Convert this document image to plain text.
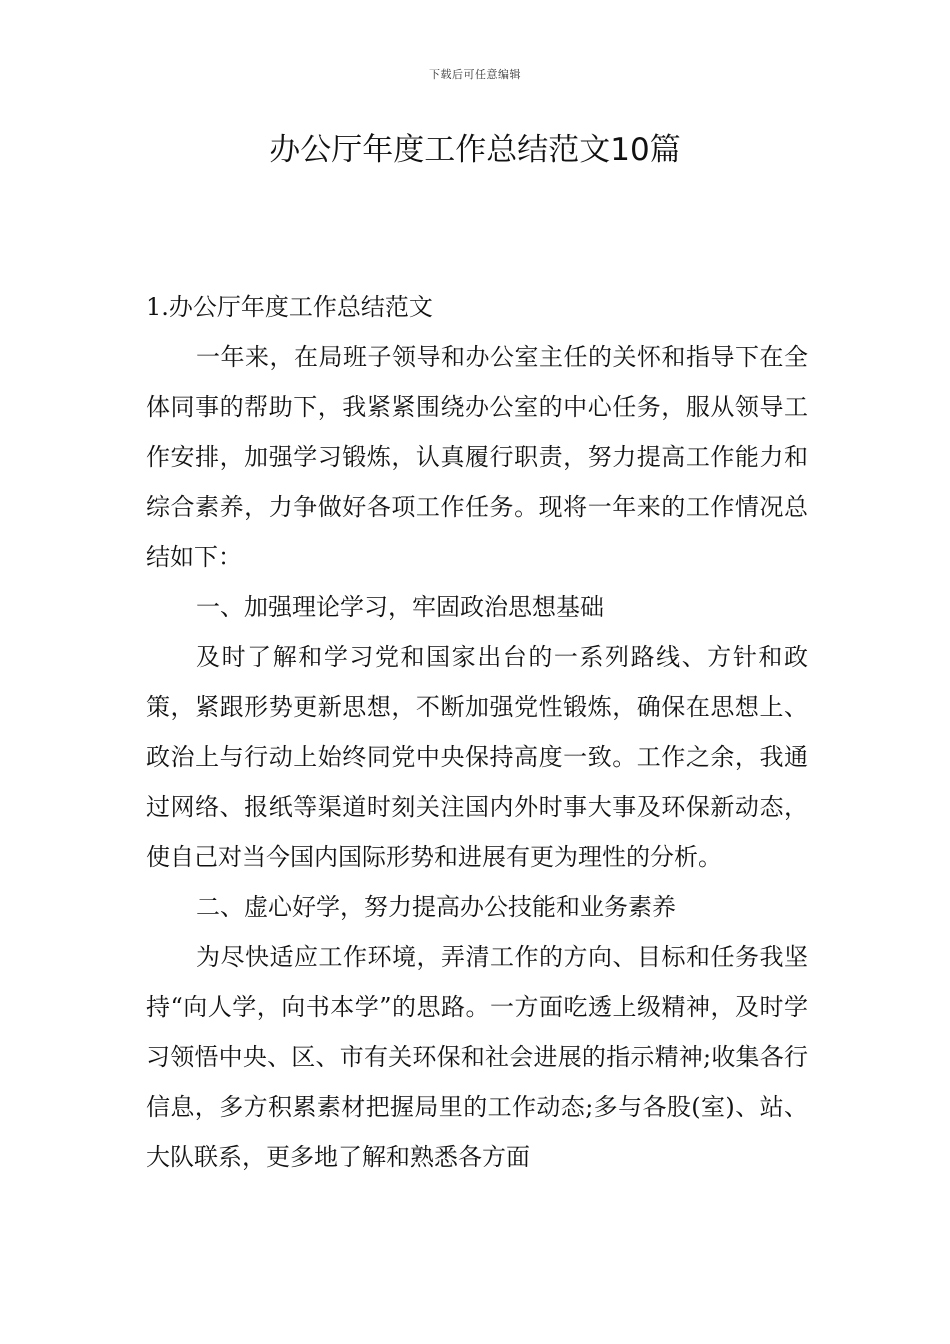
下载后可任意编辑
办公厅年度工作总结范文10篇

1.办公厅年度工作总结范文

一年来，在局班子领导和办公室主任的关怀和指导下在全体同事的帮助下，我紧紧围绕办公室的中心任务，服从领导工作安排，加强学习锻炼，认真履行职责，努力提高工作能力和综合素养，力争做好各项工作任务。现将一年来的工作情况总结如下：

一、加强理论学习，牢固政治思想基础

及时了解和学习党和国家出台的一系列路线、方针和政策，紧跟形势更新思想，不断加强党性锻炼，确保在思想上、政治上与行动上始终同党中央保持高度一致。工作之余，我通过网络、报纸等渠道时刻关注国内外时事大事及环保新动态，使自己对当今国内国际形势和进展有更为理性的分析。

二、虚心好学，努力提高办公技能和业务素养

为尽快适应工作环境，弄清工作的方向、目标和任务我坚持“向人学，向书本学”的思路。一方面吃透上级精神，及时学习领悟中央、区、市有关环保和社会进展的指示精神;收集各行信息，多方积累素材把握局里的工作动态;多与各股(室)、站、大队联系，更多地了解和熟悉各方面
